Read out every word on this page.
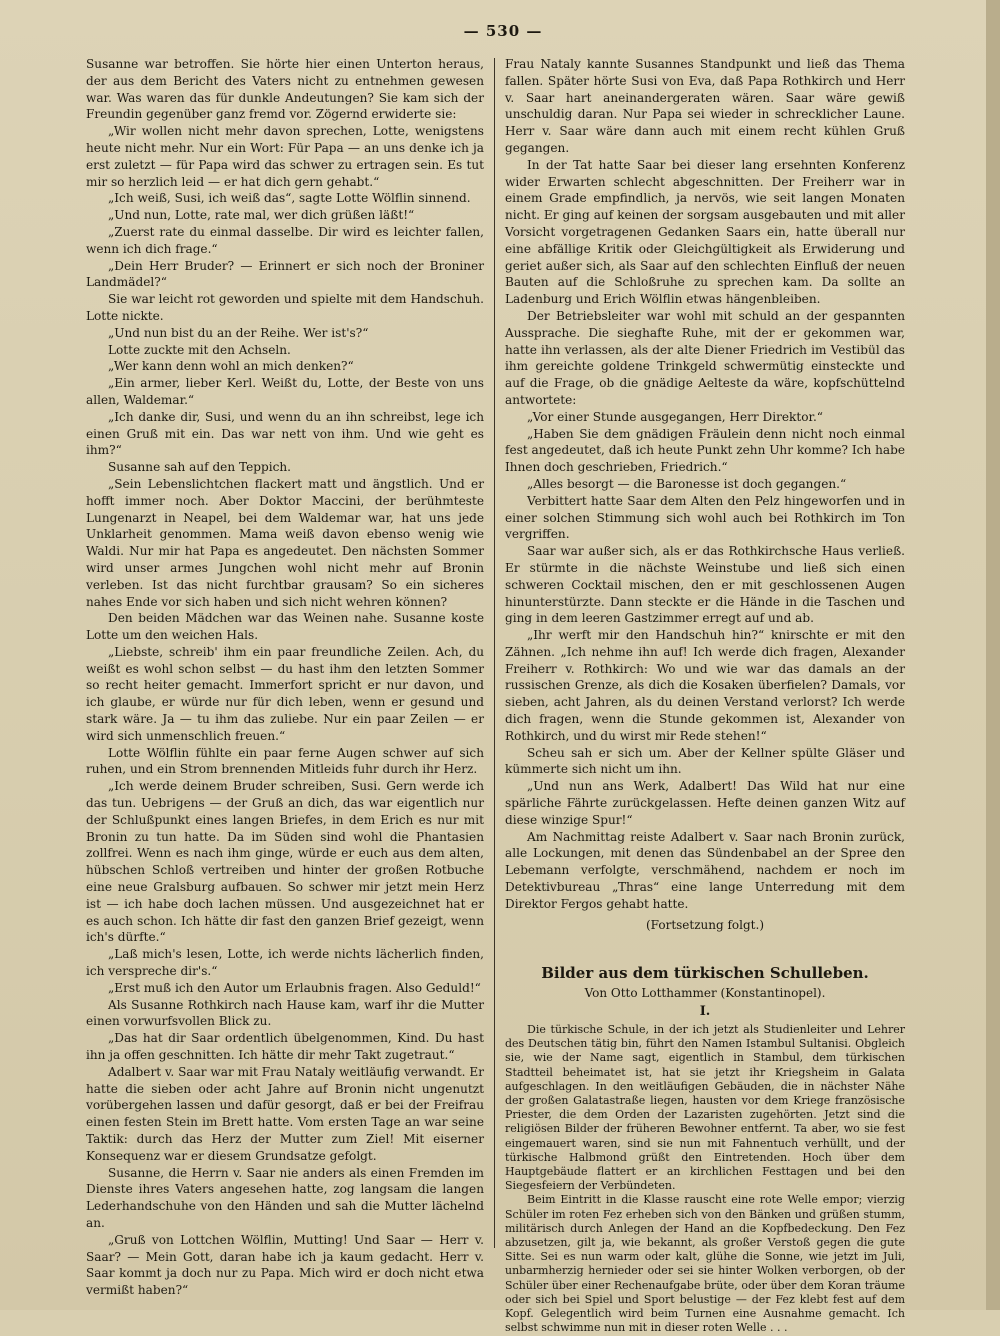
— 530 —

Susanne war betroffen. Sie hörte hier einen Unterton heraus, der aus dem Bericht des Vaters nicht zu entnehmen gewesen war. Was waren das für dunkle Andeutungen? Sie kam sich der Freundin gegenüber ganz fremd vor. Zögernd erwiderte sie:

„Wir wollen nicht mehr davon sprechen, Lotte, wenigstens heute nicht mehr. Nur ein Wort: Für Papa — an uns denke ich ja erst zuletzt — für Papa wird das schwer zu ertragen sein. Es tut mir so herzlich leid — er hat dich gern gehabt.“

„Ich weiß, Susi, ich weiß das“, sagte Lotte Wölflin sinnend.

„Und nun, Lotte, rate mal, wer dich grüßen läßt!“

„Zuerst rate du einmal dasselbe. Dir wird es leichter fallen, wenn ich dich frage.“

„Dein Herr Bruder? — Erinnert er sich noch der Broniner Landmädel?“

Sie war leicht rot geworden und spielte mit dem Handschuh. Lotte nickte.

„Und nun bist du an der Reihe. Wer ist's?“

Lotte zuckte mit den Achseln.

„Wer kann denn wohl an mich denken?“

„Ein armer, lieber Kerl. Weißt du, Lotte, der Beste von uns allen, Waldemar.“

„Ich danke dir, Susi, und wenn du an ihn schreibst, lege ich einen Gruß mit ein. Das war nett von ihm. Und wie geht es ihm?“

Susanne sah auf den Teppich.

„Sein Lebenslichtchen flackert matt und ängstlich. Und er hofft immer noch. Aber Doktor Maccini, der berühmteste Lungenarzt in Neapel, bei dem Waldemar war, hat uns jede Unklarheit genommen. Mama weiß davon ebenso wenig wie Waldi. Nur mir hat Papa es angedeutet. Den nächsten Sommer wird unser armes Jungchen wohl nicht mehr auf Bronin verleben. Ist das nicht furchtbar grausam? So ein sicheres nahes Ende vor sich haben und sich nicht wehren können?

Den beiden Mädchen war das Weinen nahe. Susanne koste Lotte um den weichen Hals.

„Liebste, schreib' ihm ein paar freundliche Zeilen. Ach, du weißt es wohl schon selbst — du hast ihm den letzten Sommer so recht heiter gemacht. Immerfort spricht er nur davon, und ich glaube, er würde nur für dich leben, wenn er gesund und stark wäre. Ja — tu ihm das zuliebe. Nur ein paar Zeilen — er wird sich unmenschlich freuen.“

Lotte Wölflin fühlte ein paar ferne Augen schwer auf sich ruhen, und ein Strom brennenden Mitleids fuhr durch ihr Herz.

„Ich werde deinem Bruder schreiben, Susi. Gern werde ich das tun. Uebrigens — der Gruß an dich, das war eigentlich nur der Schlußpunkt eines langen Briefes, in dem Erich es nur mit Bronin zu tun hatte. Da im Süden sind wohl die Phantasien zollfrei. Wenn es nach ihm ginge, würde er euch aus dem alten, hübschen Schloß vertreiben und hinter der großen Rotbuche eine neue Gralsburg aufbauen. So schwer mir jetzt mein Herz ist — ich habe doch lachen müssen. Und ausgezeichnet hat er es auch schon. Ich hätte dir fast den ganzen Brief gezeigt, wenn ich's dürfte.“

„Laß mich's lesen, Lotte, ich werde nichts lächerlich finden, ich verspreche dir's.“

„Erst muß ich den Autor um Erlaubnis fragen. Also Geduld!“

Als Susanne Rothkirch nach Hause kam, warf ihr die Mutter einen vorwurfsvollen Blick zu.

„Das hat dir Saar ordentlich übelgenommen, Kind. Du hast ihn ja offen geschnitten. Ich hätte dir mehr Takt zugetraut.“

Adalbert v. Saar war mit Frau Nataly weitläufig verwandt. Er hatte die sieben oder acht Jahre auf Bronin nicht ungenutzt vorübergehen lassen und dafür gesorgt, daß er bei der Freifrau einen festen Stein im Brett hatte. Vom ersten Tage an war seine Taktik: durch das Herz der Mutter zum Ziel! Mit eiserner Konsequenz war er diesem Grundsatze gefolgt.

Susanne, die Herrn v. Saar nie anders als einen Fremden im Dienste ihres Vaters angesehen hatte, zog langsam die langen Lederhandschuhe von den Händen und sah die Mutter lächelnd an.

„Gruß von Lottchen Wölflin, Mutting! Und Saar — Herr v. Saar? — Mein Gott, daran habe ich ja kaum gedacht. Herr v. Saar kommt ja doch nur zu Papa. Mich wird er doch nicht etwa vermißt haben?“

Frau Nataly kannte Susannes Standpunkt und ließ das Thema fallen. Später hörte Susi von Eva, daß Papa Rothkirch und Herr v. Saar hart aneinandergeraten wären. Saar wäre gewiß unschuldig daran. Nur Papa sei wieder in schrecklicher Laune. Herr v. Saar wäre dann auch mit einem recht kühlen Gruß gegangen.

In der Tat hatte Saar bei dieser lang ersehnten Konferenz wider Erwarten schlecht abgeschnitten. Der Freiherr war in einem Grade empfindlich, ja nervös, wie seit langen Monaten nicht. Er ging auf keinen der sorgsam ausgebauten und mit aller Vorsicht vorgetragenen Gedanken Saars ein, hatte überall nur eine abfällige Kritik oder Gleichgültigkeit als Erwiderung und geriet außer sich, als Saar auf den schlechten Einfluß der neuen Bauten auf die Schloßruhe zu sprechen kam. Da sollte an Ladenburg und Erich Wölflin etwas hängenbleiben.

Der Betriebsleiter war wohl mit schuld an der gespannten Aussprache. Die sieghafte Ruhe, mit der er gekommen war, hatte ihn verlassen, als der alte Diener Friedrich im Vestibül das ihm gereichte goldene Trinkgeld schwermütig einsteckte und auf die Frage, ob die gnädige Aelteste da wäre, kopfschüttelnd antwortete:

„Vor einer Stunde ausgegangen, Herr Direktor.“

„Haben Sie dem gnädigen Fräulein denn nicht noch einmal fest angedeutet, daß ich heute Punkt zehn Uhr komme? Ich habe Ihnen doch geschrieben, Friedrich.“

„Alles besorgt — die Baronesse ist doch gegangen.“

Verbittert hatte Saar dem Alten den Pelz hingeworfen und in einer solchen Stimmung sich wohl auch bei Rothkirch im Ton vergriffen.

Saar war außer sich, als er das Rothkirchsche Haus verließ. Er stürmte in die nächste Weinstube und ließ sich einen schweren Cocktail mischen, den er mit geschlossenen Augen hinunterstürzte. Dann steckte er die Hände in die Taschen und ging in dem leeren Gastzimmer erregt auf und ab.

„Ihr werft mir den Handschuh hin?“ knirschte er mit den Zähnen. „Ich nehme ihn auf! Ich werde dich fragen, Alexander Freiherr v. Rothkirch: Wo und wie war das damals an der russischen Grenze, als dich die Kosaken überfielen? Damals, vor sieben, acht Jahren, als du deinen Verstand verlorst? Ich werde dich fragen, wenn die Stunde gekommen ist, Alexander von Rothkirch, und du wirst mir Rede stehen!“

Scheu sah er sich um. Aber der Kellner spülte Gläser und kümmerte sich nicht um ihn.

„Und nun ans Werk, Adalbert! Das Wild hat nur eine spärliche Fährte zurückgelassen. Hefte deinen ganzen Witz auf diese winzige Spur!“

Am Nachmittag reiste Adalbert v. Saar nach Bronin zurück, alle Lockungen, mit denen das Sündenbabel an der Spree den Lebemann verfolgte, verschmähend, nachdem er noch im Detektivbureau „Thras“ eine lange Unterredung mit dem Direktor Fergos gehabt hatte.

(Fortsetzung folgt.)

Bilder aus dem türkischen Schulleben.

Von Otto Lotthammer (Konstantinopel).

I.

Die türkische Schule, in der ich jetzt als Studienleiter und Lehrer des Deutschen tätig bin, führt den Namen Istambul Sultanisi. Obgleich sie, wie der Name sagt, eigentlich in Stambul, dem türkischen Stadtteil beheimatet ist, hat sie jetzt ihr Kriegsheim in Galata aufgeschlagen. In den weitläufigen Gebäuden, die in nächster Nähe der großen Galatastraße liegen, hausten vor dem Kriege französische Priester, die dem Orden der Lazaristen zugehörten. Jetzt sind die religiösen Bilder der früheren Bewohner entfernt. Ta aber, wo sie fest eingemauert waren, sind sie nun mit Fahnentuch verhüllt, und der türkische Halbmond grüßt den Eintretenden. Hoch über dem Hauptgebäude flattert er an kirchlichen Festtagen und bei den Siegesfeiern der Verbündeten.

Beim Eintritt in die Klasse rauscht eine rote Welle empor; vierzig Schüler im roten Fez erheben sich von den Bänken und grüßen stumm, militärisch durch Anlegen der Hand an die Kopfbedeckung. Den Fez abzusetzen, gilt ja, wie bekannt, als großer Verstoß gegen die gute Sitte. Sei es nun warm oder kalt, glühe die Sonne, wie jetzt im Juli, unbarmherzig hernieder oder sei sie hinter Wolken verborgen, ob der Schüler über einer Rechenaufgabe brüte, oder über dem Koran träume oder sich bei Spiel und Sport belustige — der Fez klebt fest auf dem Kopf. Gelegentlich wird beim Turnen eine Ausnahme gemacht. Ich selbst schwimme nun mit in dieser roten Welle . . .
